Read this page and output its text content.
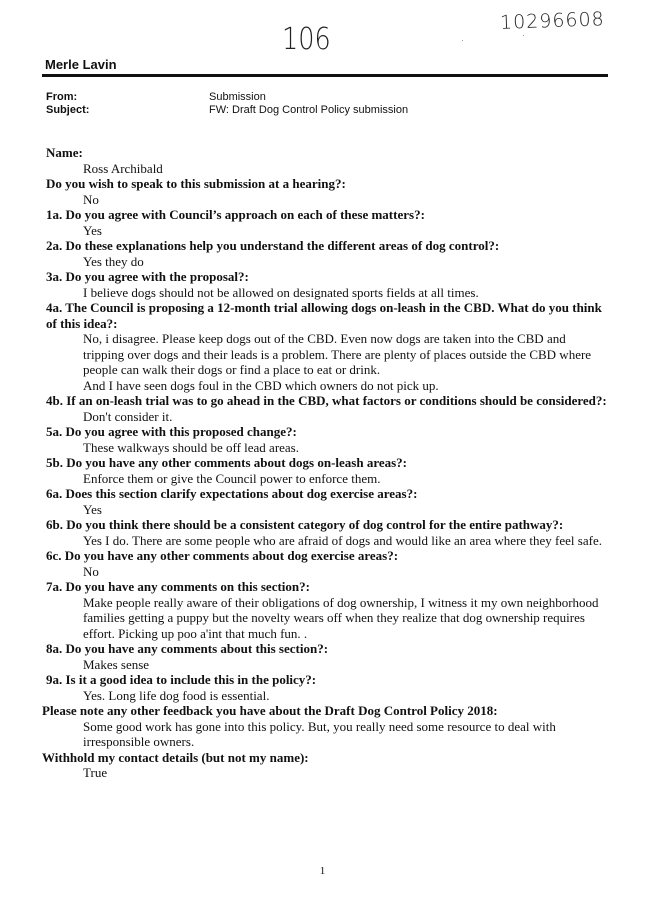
106
10296608
Merle Lavin
From:	Submission
Subject:	FW: Draft Dog Control Policy submission

Name:

Ross Archibald

Do you wish to speak to this submission at a hearing?:

No

1a. Do you agree with Council’s approach on each of these matters?:

Yes

2a. Do these explanations help you understand the different areas of dog control?:

Yes they do

3a. Do you agree with the proposal?:

I believe dogs should not be allowed on designated sports fields at all times.

4a. The Council is proposing a 12-month trial allowing dogs on-leash in the CBD. What do you think of this idea?:

No, i disagree. Please keep dogs out of the CBD. Even now dogs are taken into the CBD and tripping over dogs and their leads is a problem. There are plenty of places outside the CBD where people can walk their dogs or find a place to eat or drink.

And I have seen dogs foul in the CBD which owners do not pick up.

4b. If an on-leash trial was to go ahead in the CBD, what factors or conditions should be considered?:

Don't consider it.

5a. Do you agree with this proposed change?:

These walkways should be off lead areas.

5b. Do you have any other comments about dogs on-leash areas?:

Enforce them or give the Council power to enforce them.

6a. Does this section clarify expectations about dog exercise areas?:

Yes

6b. Do you think there should be a consistent category of dog control for the entire pathway?:

Yes I do. There are some people who are afraid of dogs and would like an area where they feel safe.

6c. Do you have any other comments about dog exercise areas?:

No

7a. Do you have any comments on this section?:

Make people really aware of their obligations of dog ownership, I witness it my own neighborhood families getting a puppy but the novelty wears off when they realize that dog ownership requires effort. Picking up poo a'int that much fun. .

8a. Do you have any comments about this section?:

Makes sense

9a. Is it a good idea to include this in the policy?:

Yes. Long life dog food is essential.

Please note any other feedback you have about the Draft Dog Control Policy 2018:

Some good work has gone into this policy. But, you really need some resource to deal with irresponsible owners.

Withhold my contact details (but not my name):

True

1
